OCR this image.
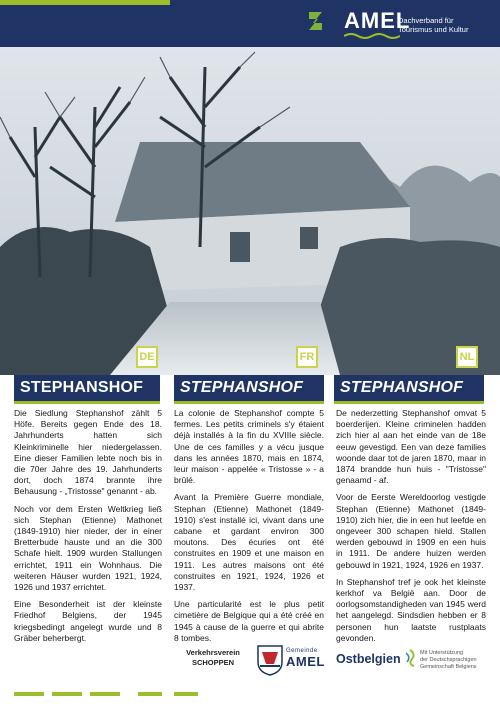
AMEL
Dachverband für
Tourismus und Kultur
DE	FR	NL
STEPHANSHOF	STEPHANSHOF	STEPHANSHOF

Die Siedlung Stephanshof zählt 5 Höfe. Bereits gegen Ende des 18. Jahrhunderts hatten sich Kleinkriminelle hier niedergelassen. Eine dieser Familien lebte noch bis in die 70er Jahre des 19. Jahrhunderts dort, doch 1874 brannte ihre Behausung - „Tristosse" genannt - ab.

Noch vor dem Ersten Weltkrieg ließ sich Stephan (Etienne) Mathonet (1849-1910) hier nieder, der in einer Bretterbude hauste und an die 300 Schafe hielt. 1909 wurden Stallungen errichtet, 1911 ein Wohnhaus. Die weiteren Häuser wurden 1921, 1924, 1926 und 1937 errichtet.

Eine Besonderheit ist der kleinste Friedhof Belgiens, der 1945 kriegsbedingt angelegt wurde und 8 Gräber beherbergt.

La colonie de Stephanshof compte 5 fermes. Les petits criminels s'y étaient déjà installés à la fin du XVIIIe siècle. Une de ces familles y a vécu jusque dans les années 1870, mais en 1874, leur maison - appelée « Tristosse » - a brûlé.

Avant la Première Guerre mondiale, Stephan (Etienne) Mathonet (1849-1910) s'est installé ici, vivant dans une cabane et gardant environ 300 moutons. Des écuries ont été construites en 1909 et une maison en 1911. Les autres maisons ont été construites en 1921, 1924, 1926 et 1937.

Une particularité est le plus petit cimetière de Belgique qui a été créé en 1945 à cause de la guerre et qui abrite 8 tombes.

De nederzetting Stephanshof omvat 5 boerderijen. Kleine criminelen hadden zich hier al aan het einde van de 18e eeuw gevestigd. Een van deze families woonde daar tot de jaren 1870, maar in 1874 brandde hun huis - "Tristosse" genaamd - af.

Voor de Eerste Wereldoorlog vestigde Stephan (Etienne) Mathonet (1849-1910) zich hier, die in een hut leefde en ongeveer 300 schapen hield. Stallen werden gebouwd in 1909 en een huis in 1911. De andere huizen werden gebouwd in 1921, 1924, 1926 en 1937.

In Stephanshof tref je ook het kleinste kerkhof va België aan. Door de oorlogsomstandigheden van 1945 werd het aangelegd. Sindsdien hebben er 8 personen hun laatste rustplaats gevonden.

Verkehrsverein
SCHOPPEN
Gemeinde
AMEL Ostbelgien	Mit Unterstützung
der Deutschsprachigen
Gemeinschaft Belgiens
